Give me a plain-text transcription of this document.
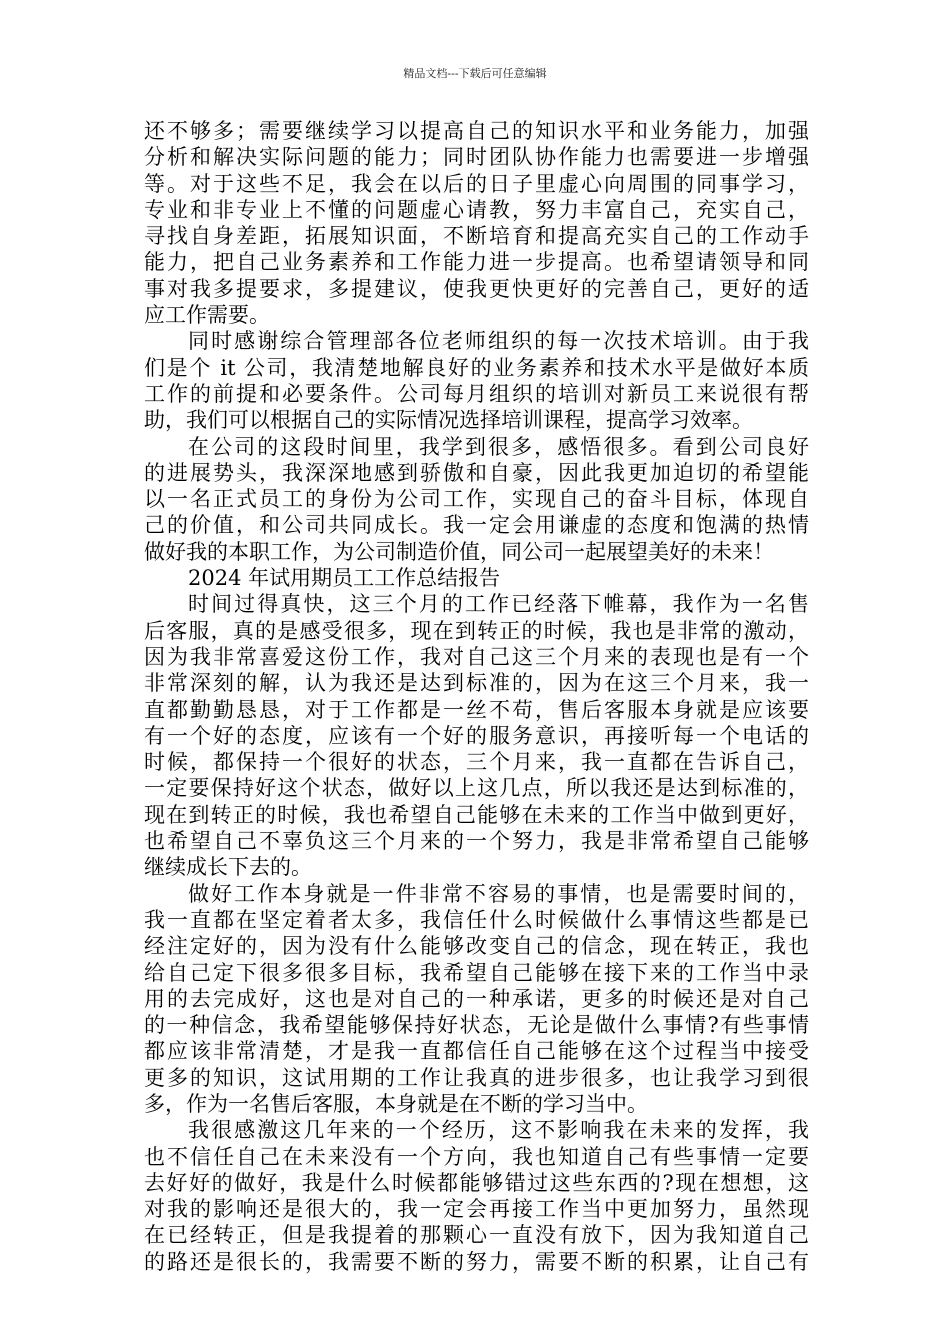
精品文档---下载后可任意编辑
还不够多；需要继续学习以提高自己的知识水平和业务能力，加强
分析和解决实际问题的能力；同时团队协作能力也需要进一步增强
等。对于这些不足，我会在以后的日子里虚心向周围的同事学习，
专业和非专业上不懂的问题虚心请教，努力丰富自己，充实自己，
寻找自身差距，拓展知识面，不断培育和提高充实自己的工作动手
能力，把自己业务素养和工作能力进一步提高。也希望请领导和同
事对我多提要求，多提建议，使我更快更好的完善自己，更好的适
应工作需要。
同时感谢综合管理部各位老师组织的每一次技术培训。由于我
们是个 it 公司，我清楚地解良好的业务素养和技术水平是做好本质
工作的前提和必要条件。公司每月组织的培训对新员工来说很有帮
助，我们可以根据自己的实际情况选择培训课程，提高学习效率。
在公司的这段时间里，我学到很多，感悟很多。看到公司良好
的进展势头，我深深地感到骄傲和自豪，因此我更加迫切的希望能
以一名正式员工的身份为公司工作，实现自己的奋斗目标，体现自
己的价值，和公司共同成长。我一定会用谦虚的态度和饱满的热情
做好我的本职工作，为公司制造价值，同公司一起展望美好的未来！
2024 年试用期员工工作总结报告
时间过得真快，这三个月的工作已经落下帷幕，我作为一名售
后客服，真的是感受很多，现在到转正的时候，我也是非常的激动，
因为我非常喜爱这份工作，我对自己这三个月来的表现也是有一个
非常深刻的解，认为我还是达到标准的，因为在这三个月来，我一
直都勤勤恳恳，对于工作都是一丝不苟，售后客服本身就是应该要
有一个好的态度，应该有一个好的服务意识，再接听每一个电话的
时候，都保持一个很好的状态，三个月来，我一直都在告诉自己，
一定要保持好这个状态，做好以上这几点，所以我还是达到标准的，
现在到转正的时候，我也希望自己能够在未来的工作当中做到更好，
也希望自己不辜负这三个月来的一个努力，我是非常希望自己能够
继续成长下去的。
做好工作本身就是一件非常不容易的事情，也是需要时间的，
我一直都在坚定着者太多，我信任什么时候做什么事情这些都是已
经注定好的，因为没有什么能够改变自己的信念，现在转正，我也
给自己定下很多很多目标，我希望自己能够在接下来的工作当中录
用的去完成好，这也是对自己的一种承诺，更多的时候还是对自己
的一种信念，我希望能够保持好状态，无论是做什么事情?有些事情
都应该非常清楚，才是我一直都信任自己能够在这个过程当中接受
更多的知识，这试用期的工作让我真的进步很多，也让我学习到很
多，作为一名售后客服，本身就是在不断的学习当中。
我很感激这几年来的一个经历，这不影响我在未来的发挥，我
也不信任自己在未来没有一个方向，我也知道自己有些事情一定要
去好好的做好，我是什么时候都能够错过这些东西的?现在想想，这
对我的影响还是很大的，我一定会再接工作当中更加努力，虽然现
在已经转正，但是我提着的那颗心一直没有放下，因为我知道自己
的路还是很长的，我需要不断的努力，需要不断的积累，让自己有
